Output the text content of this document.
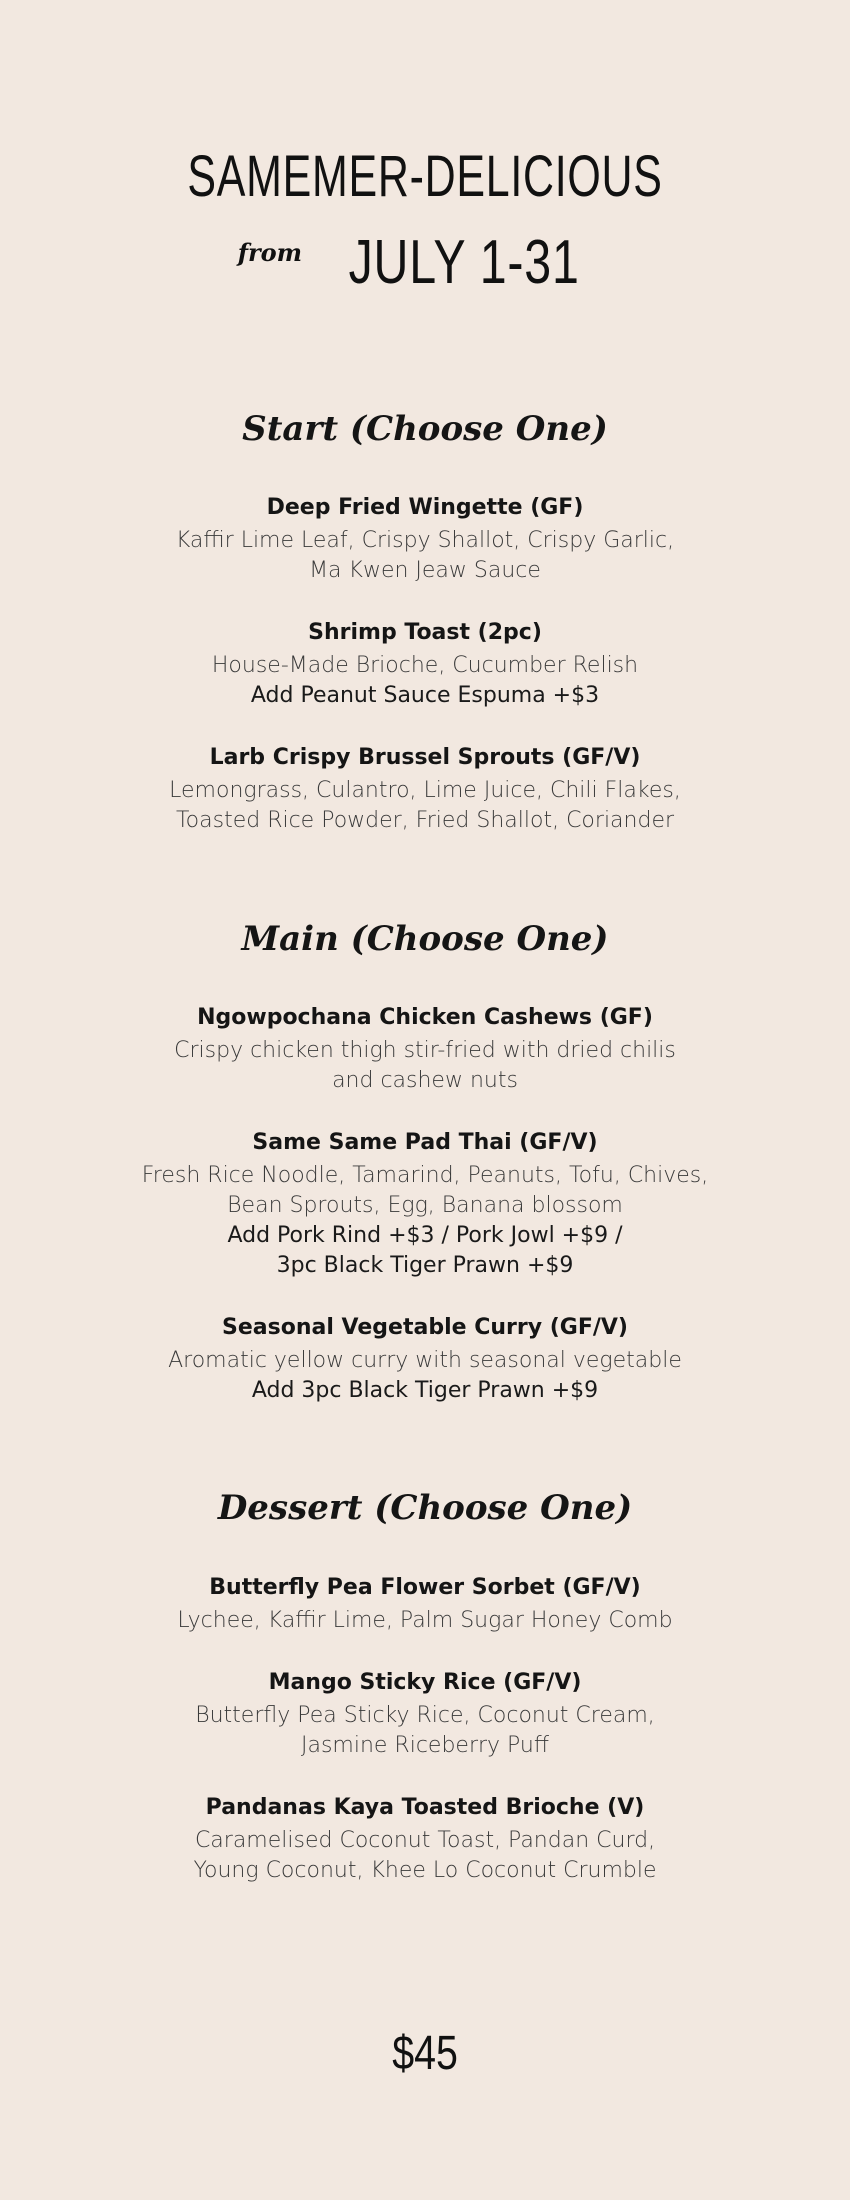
SAMEMER-DELICIOUS
from JULY 1-31
Start (Choose One)
Deep Fried Wingette (GF)
Kaffir Lime Leaf, Crispy Shallot, Crispy Garlic,
Ma Kwen Jeaw Sauce
Shrimp Toast (2pc)
House-Made Brioche, Cucumber Relish
Add Peanut Sauce Espuma +$3
Larb Crispy Brussel Sprouts (GF/V)
Lemongrass, Culantro, Lime Juice, Chili Flakes,
Toasted Rice Powder, Fried Shallot, Coriander
Main (Choose One)
Ngowpochana Chicken Cashews (GF)
Crispy chicken thigh stir-fried with dried chilis
and cashew nuts
Same Same Pad Thai (GF/V)
Fresh Rice Noodle, Tamarind, Peanuts, Tofu, Chives,
Bean Sprouts, Egg, Banana blossom
Add Pork Rind +$3 / Pork Jowl +$9 /
3pc Black Tiger Prawn +$9
Seasonal Vegetable Curry (GF/V)
Aromatic yellow curry with seasonal vegetable
Add 3pc Black Tiger Prawn +$9
Dessert (Choose One)
Butterfly Pea Flower Sorbet (GF/V)
Lychee, Kaffir Lime, Palm Sugar Honey Comb
Mango Sticky Rice (GF/V)
Butterfly Pea Sticky Rice, Coconut Cream,
Jasmine Riceberry Puff
Pandanas Kaya Toasted Brioche (V)
Caramelised Coconut Toast, Pandan Curd,
Young Coconut, Khee Lo Coconut Crumble
$45
